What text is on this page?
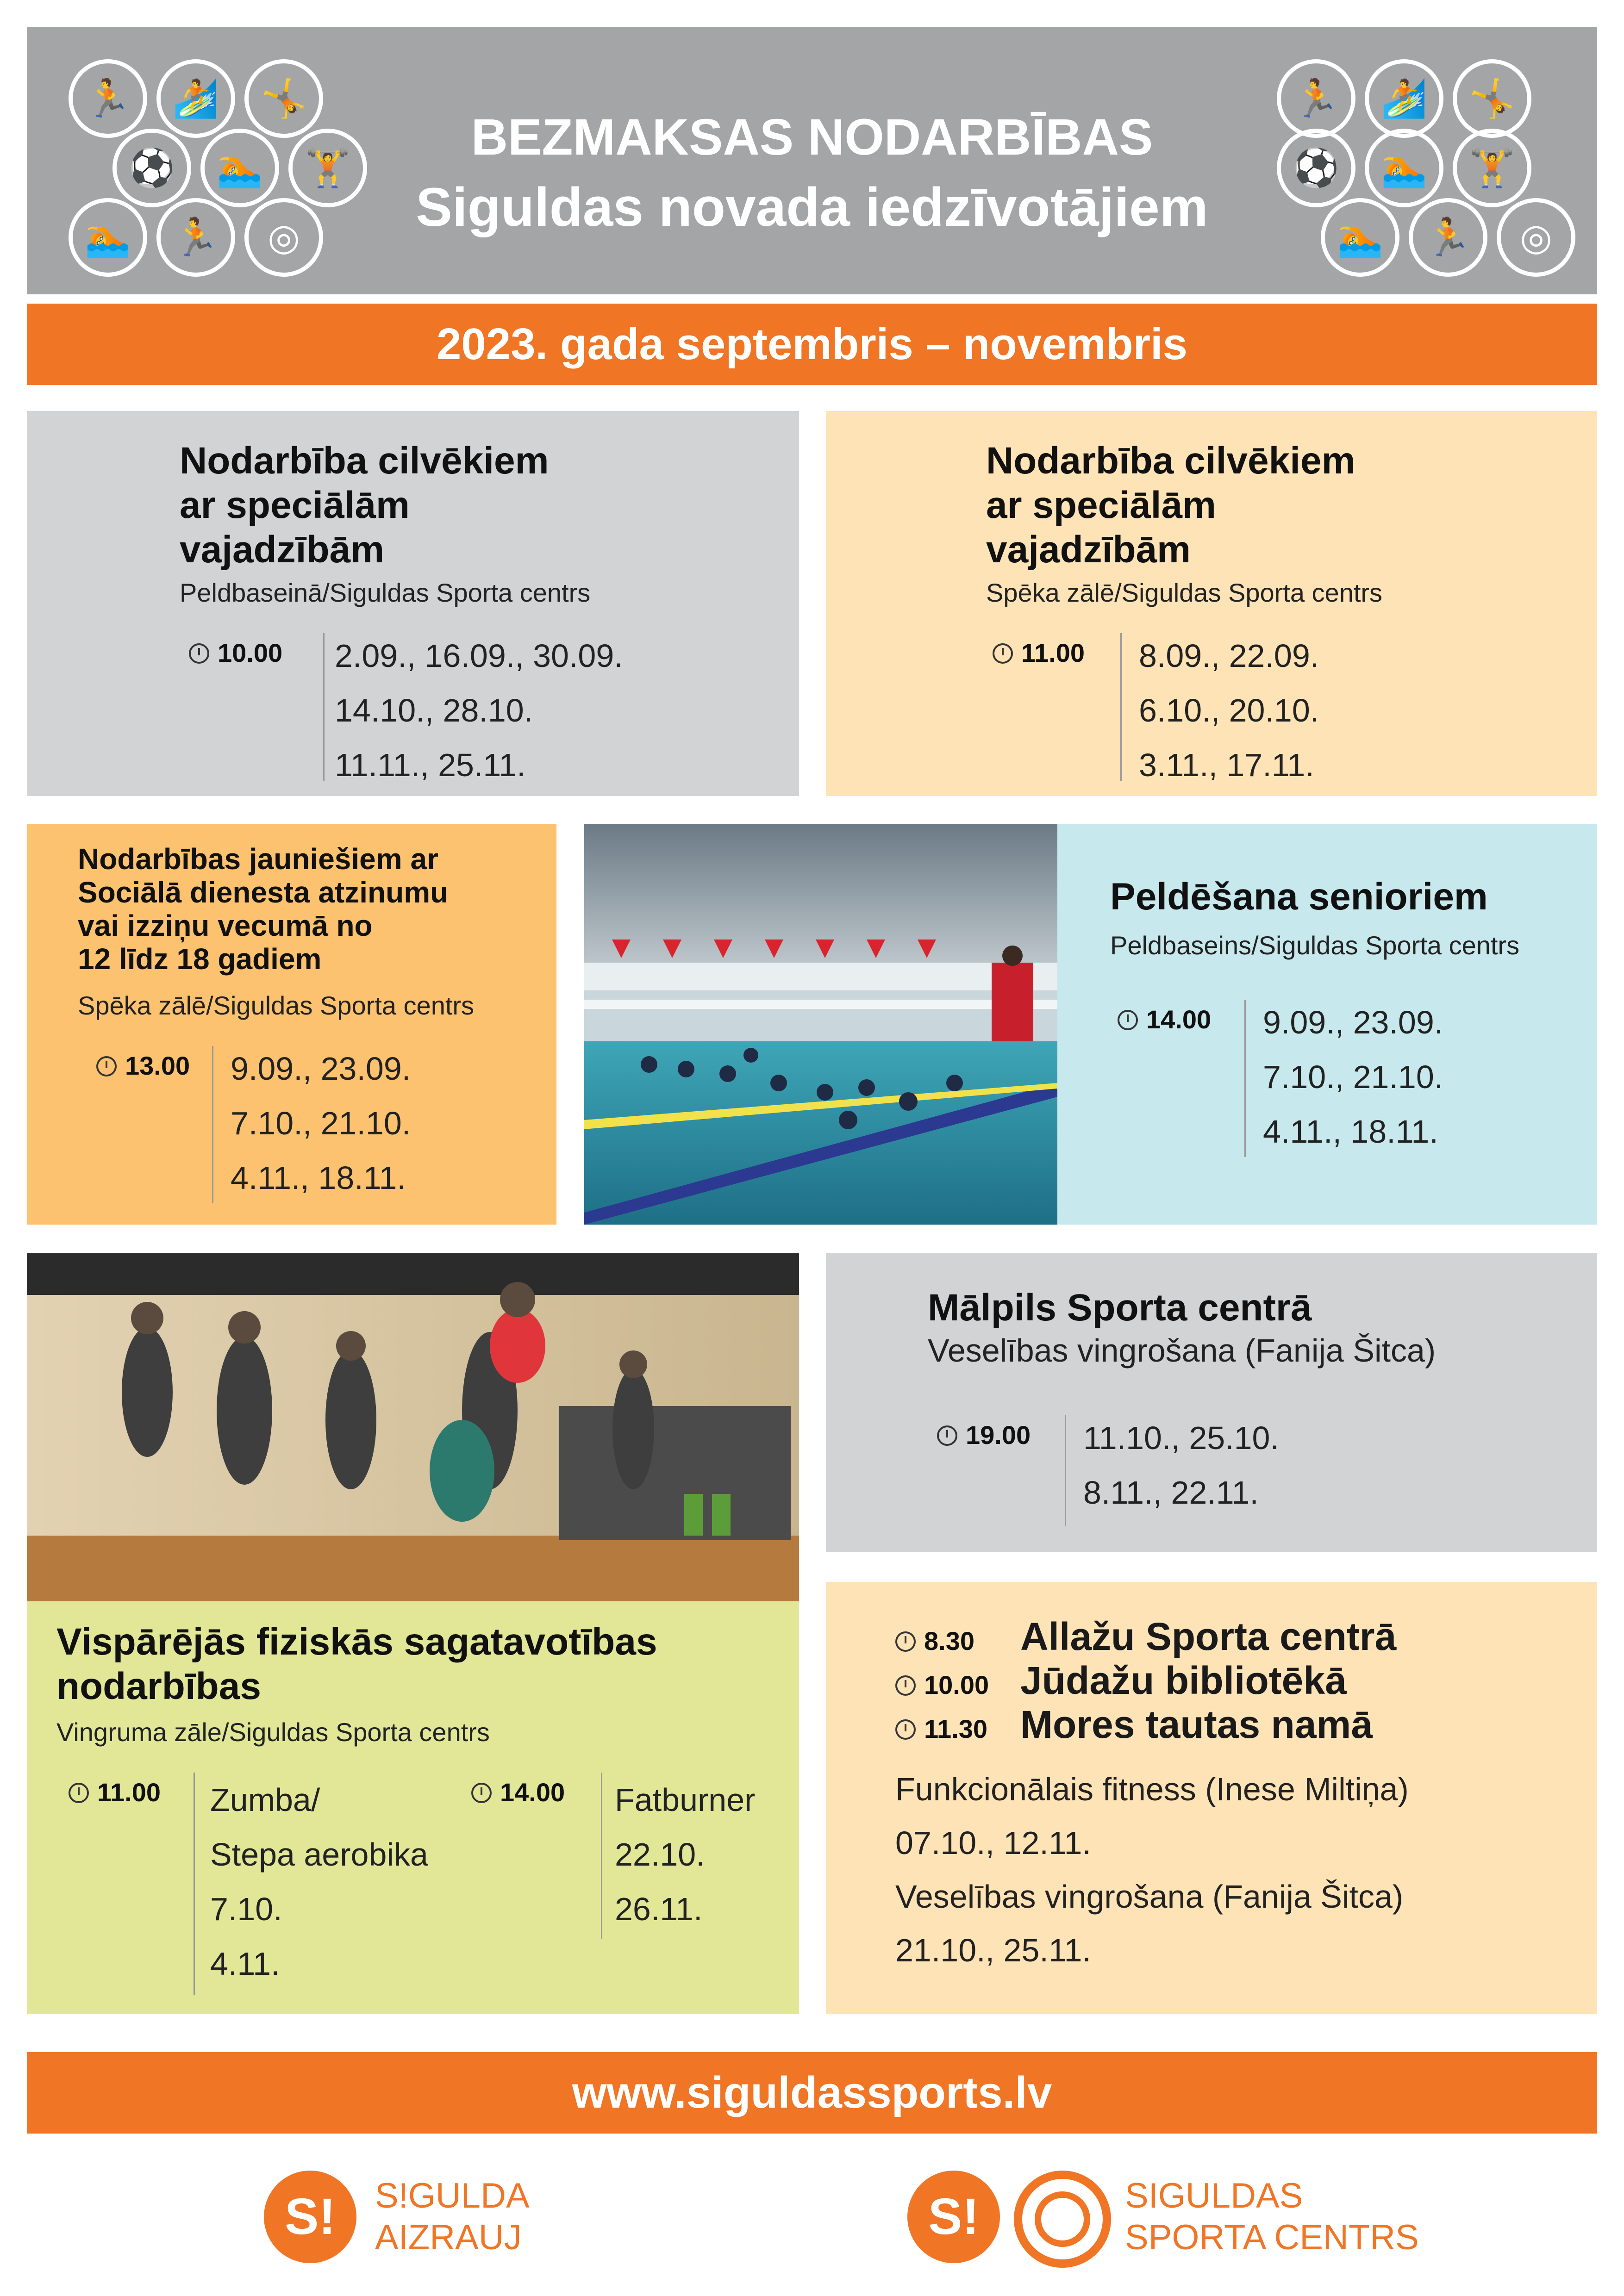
🏃	🏄	🤸
⚽	🏊	🏋
🏊	🏃	◎
BEZMAKSAS NODARBĪBAS
Siguldas novada iedzīvotājiem
🏃	🏄	🤸
⚽	🏊	🏋
🏊	🏃	◎
2023. gada septembris – novembris
Nodarbība cilvēkiem
ar speciālām
vajadzībām
Peldbaseinā/Siguldas Sporta centrs
10.00 2.09., 16.09., 30.09.
14.10., 28.10.
11.11., 25.11.
Nodarbība cilvēkiem
ar speciālām
vajadzībām
Spēka zālē/Siguldas Sporta centrs
11.00 8.09., 22.09.
6.10., 20.10.
3.11., 17.11.
Nodarbības jauniešiem ar
Sociālā dienesta atzinumu
vai izziņu vecumā no
12 līdz 18 gadiem
Spēka zālē/Siguldas Sporta centrs
13.00 9.09., 23.09.
7.10., 21.10.
4.11., 18.11.
Peldēšana senioriem
Peldbaseins/Siguldas Sporta centrs
14.00 9.09., 23.09.
7.10., 21.10.
4.11., 18.11.
Mālpils Sporta centrā
Veselības vingrošana (Fanija Šitca)
19.00 11.10., 25.10.
8.11., 22.11.
Vispārējās fiziskās sagatavotības
nodarbības
Vingruma zāle/Siguldas Sporta centrs
11.00 Zumba/
Stepa aerobika
7.10.
4.11.
14.00 Fatburner
22.10.
26.11.
8.30 Allažu Sporta centrā
10.00 Jūdažu bibliotēkā
11.30 Mores tautas namā
Funkcionālais fitness (Inese Miltiņa)
07.10., 12.11.
Veselības vingrošana (Fanija Šitca)
21.10., 25.11.
www.siguldassports.lv
S!	S!GULDA
AIZRAUJ	S!	SIGULDAS
SPORTA CENTRS
